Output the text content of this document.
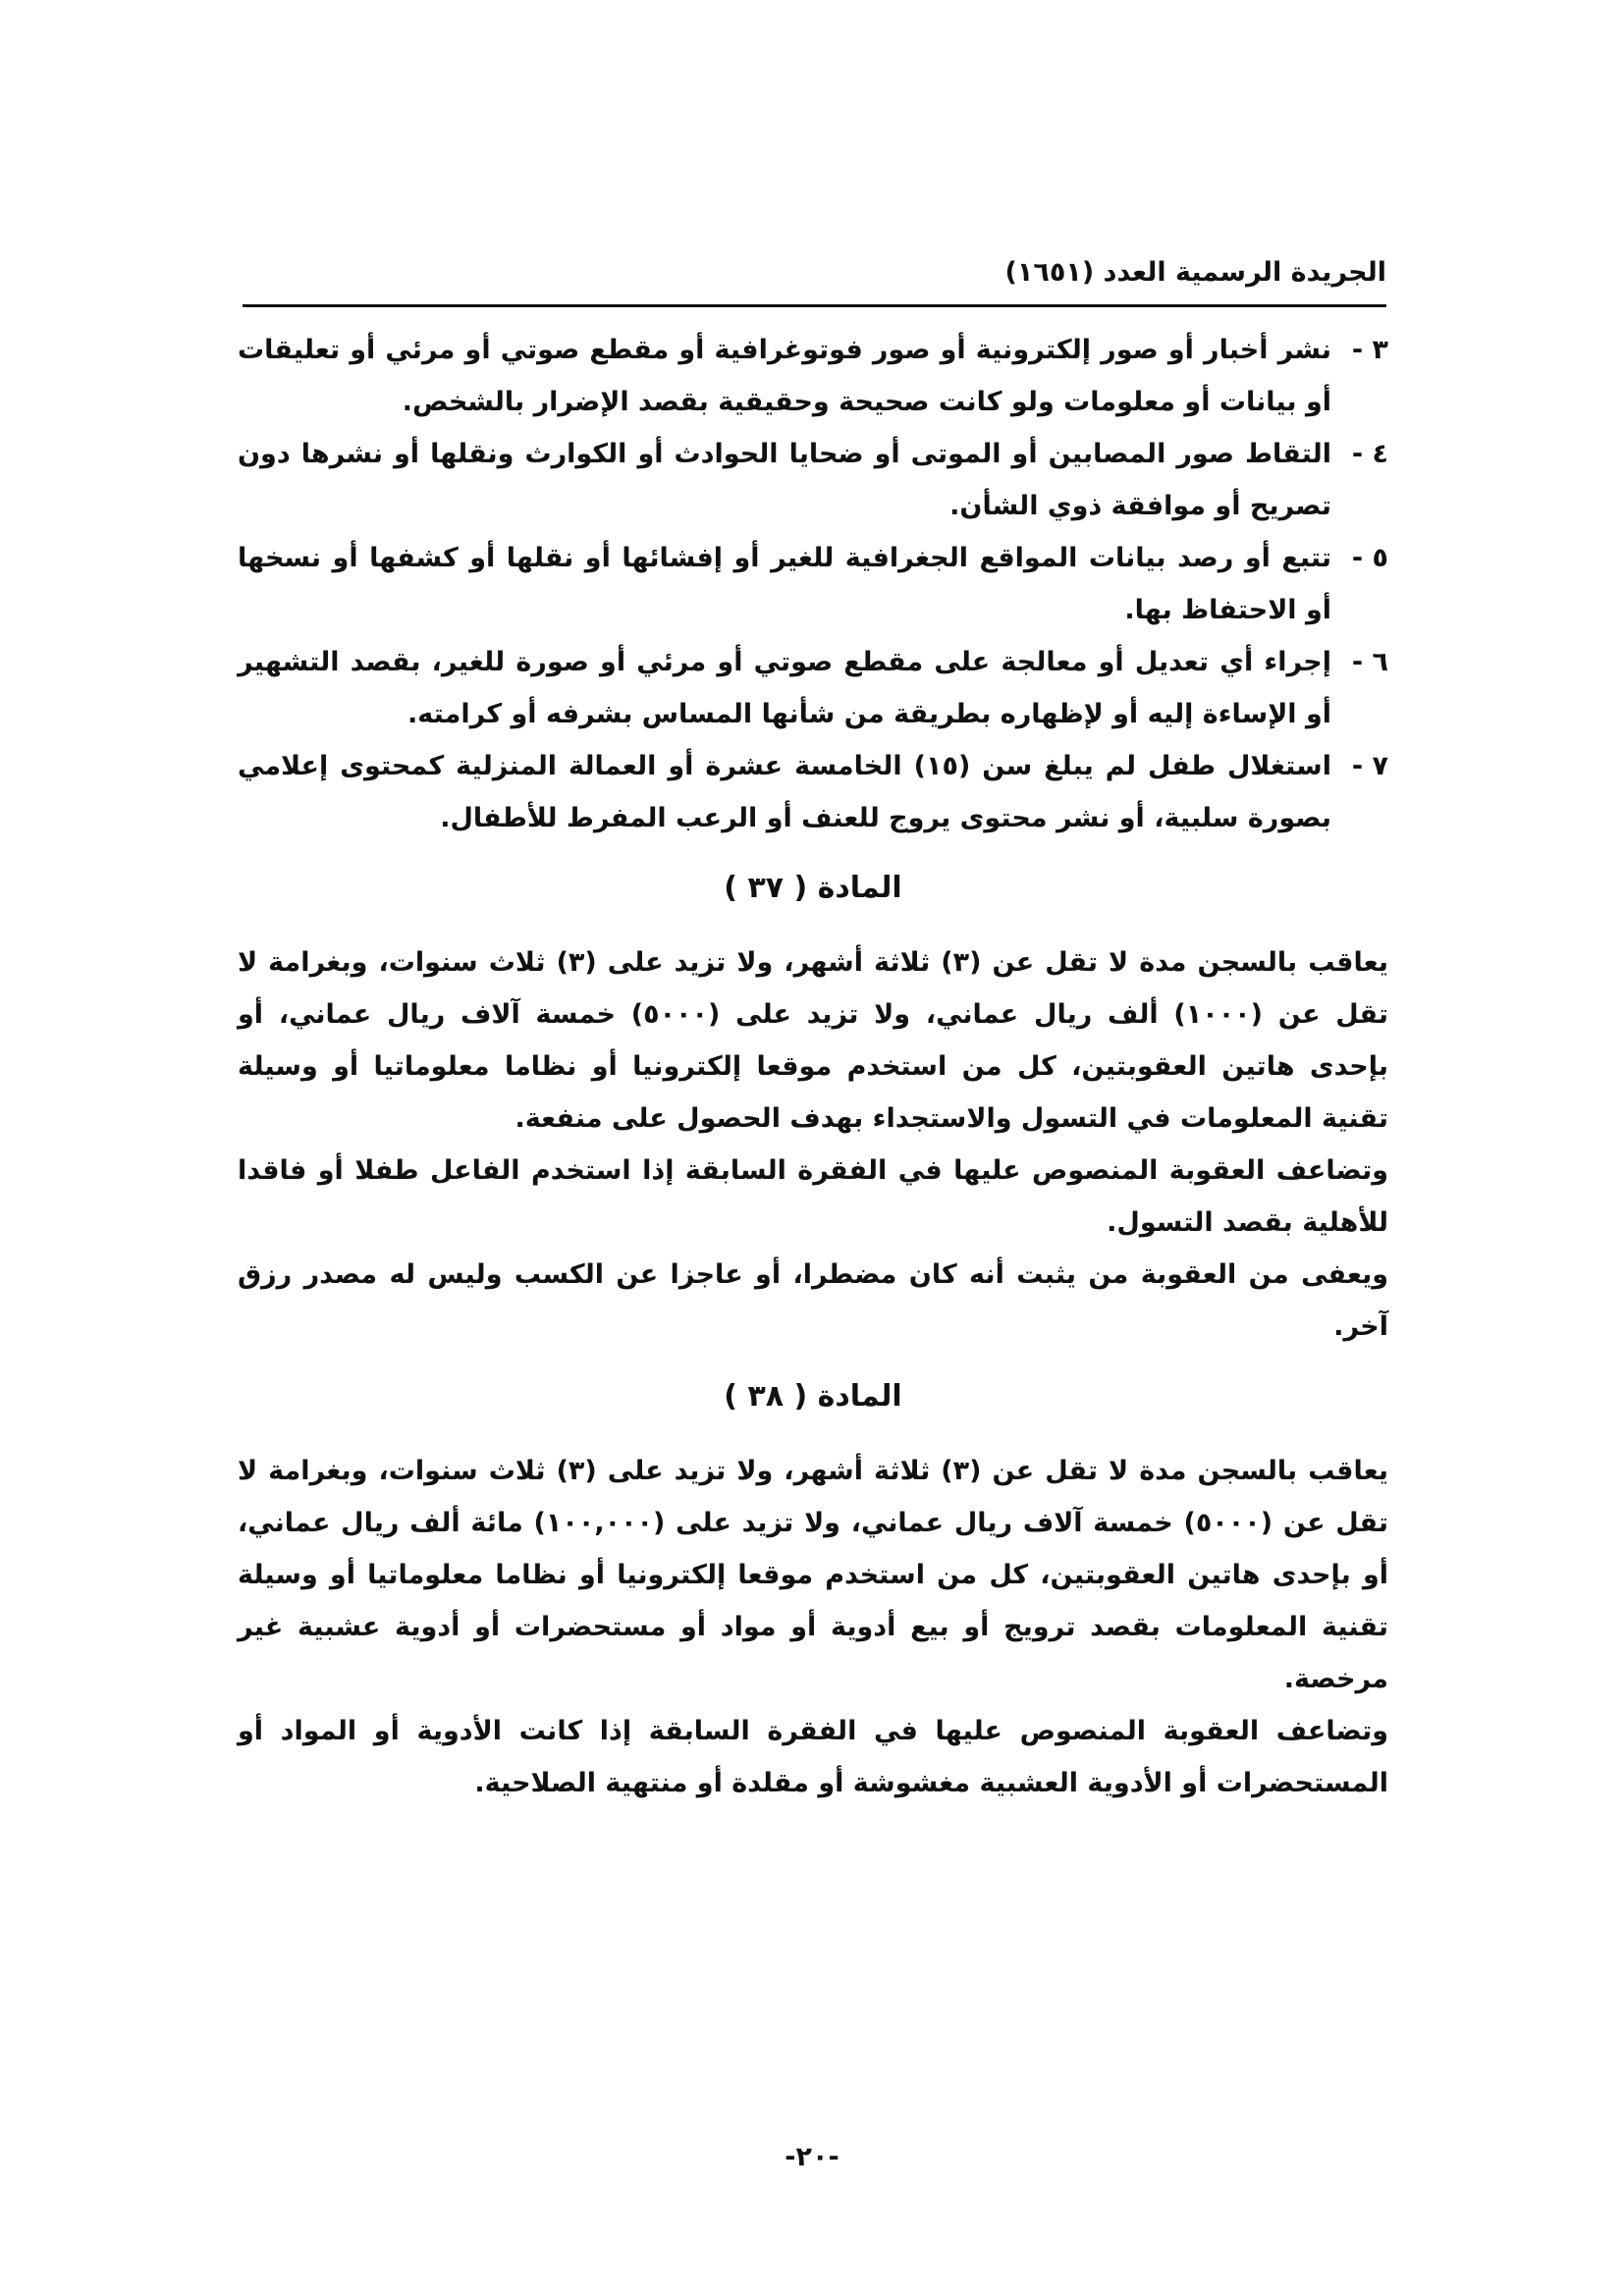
الجريدة الرسمية العدد (١٦٥١)
٣ -
نشر أخبار أو صور إلكترونية أو صور فوتوغرافية أو مقطع صوتي أو مرئي أو تعليقات أو بيانات أو معلومات ولو كانت صحيحة وحقيقية بقصد الإضرار بالشخص.
٤ -
التقاط صور المصابين أو الموتى أو ضحايا الحوادث أو الكوارث ونقلها أو نشرها دون تصريح أو موافقة ذوي الشأن.
٥ -
تتبع أو رصد بيانات المواقع الجغرافية للغير أو إفشائها أو نقلها أو كشفها أو نسخها أو الاحتفاظ بها.
٦ -
إجراء أي تعديل أو معالجة على مقطع صوتي أو مرئي أو صورة للغير، بقصد التشهير أو الإساءة إليه أو لإظهاره بطريقة من شأنها المساس بشرفه أو كرامته.
٧ -
استغلال طفل لم يبلغ سن (١٥) الخامسة عشرة أو العمالة المنزلية كمحتوى إعلامي بصورة سلبية، أو نشر محتوى يروج للعنف أو الرعب المفرط للأطفال.
المادة ( ٣٧ )

يعاقب بالسجن مدة لا تقل عن (٣) ثلاثة أشهر، ولا تزيد على (٣) ثلاث سنوات، وبغرامة لا تقل عن (١٠٠٠) ألف ريال عماني، ولا تزيد على (٥٠٠٠) خمسة آلاف ريال عماني، أو بإحدى هاتين العقوبتين، كل من استخدم موقعا إلكترونيا أو نظاما معلوماتيا أو وسيلة تقنية المعلومات في التسول والاستجداء بهدف الحصول على منفعة.

وتضاعف العقوبة المنصوص عليها في الفقرة السابقة إذا استخدم الفاعل طفلا أو فاقدا للأهلية بقصد التسول.

ويعفى من العقوبة من يثبت أنه كان مضطرا، أو عاجزا عن الكسب وليس له مصدر رزق آخر.

المادة ( ٣٨ )

يعاقب بالسجن مدة لا تقل عن (٣) ثلاثة أشهر، ولا تزيد على (٣) ثلاث سنوات، وبغرامة لا تقل عن (٥٠٠٠) خمسة آلاف ريال عماني، ولا تزيد على (١٠٠,٠٠٠) مائة ألف ريال عماني، أو بإحدى هاتين العقوبتين، كل من استخدم موقعا إلكترونيا أو نظاما معلوماتيا أو وسيلة تقنية المعلومات بقصد ترويج أو بيع أدوية أو مواد أو مستحضرات أو أدوية عشبية غير مرخصة.

وتضاعف العقوبة المنصوص عليها في الفقرة السابقة إذا كانت الأدوية أو المواد أو المستحضرات أو الأدوية العشبية مغشوشة أو مقلدة أو منتهية الصلاحية.

-٢٠-
